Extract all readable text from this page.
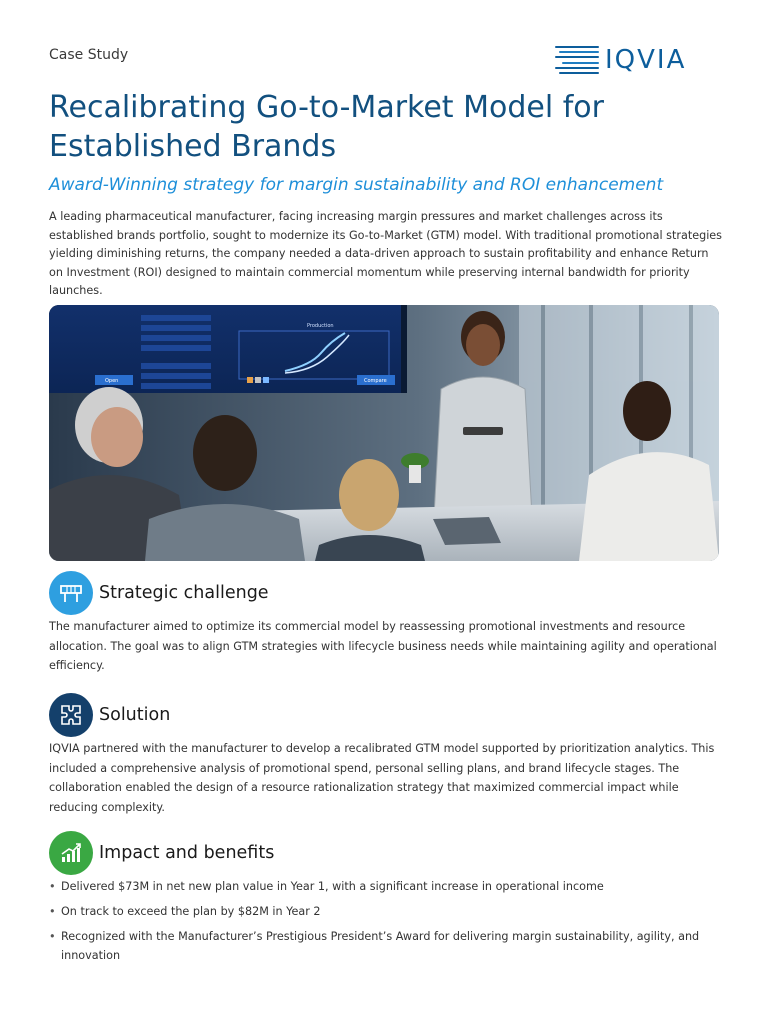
Case Study	IQVIA
Recalibrating Go-to-Market Model for Established Brands
Award-Winning strategy for margin sustainability and ROI enhancement

A leading pharmaceutical manufacturer, facing increasing margin pressures and market challenges across its established brands portfolio, sought to modernize its Go-to-Market (GTM) model. With traditional promotional strategies yielding diminishing returns, the company needed a data-driven approach to sustain profitability and enhance Return on Investment (ROI) designed to maintain commercial momentum while preserving internal bandwidth for priority launches.

Production
Open	Compare
Strategic challenge

The manufacturer aimed to optimize its commercial model by reassessing promotional investments and resource allocation. The goal was to align GTM strategies with lifecycle business needs while maintaining agility and operational efficiency.

Solution

IQVIA partnered with the manufacturer to develop a recalibrated GTM model supported by prioritization analytics. This included a comprehensive analysis of promotional spend, personal selling plans, and brand lifecycle stages. The collaboration enabled the design of a resource rationalization strategy that maximized commercial impact while reducing complexity.

Impact and benefits
• Delivered $73M in net new plan value in Year 1, with a significant increase in operational income
• On track to exceed the plan by $82M in Year 2
• Recognized with the Manufacturer’s Prestigious President’s Award for delivering margin sustainability, agility, and innovation
